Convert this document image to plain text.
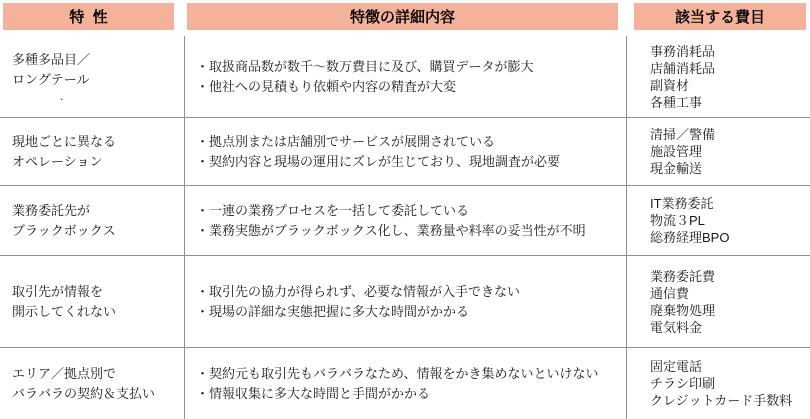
特  性	特徴の詳細内容	該当する費目
多種多品目／
ロングテール
.
・取扱商品数が数千～数万費目に及び、購買データが膨大
・他社への見積もり依頼や内容の精査が大変
事務消耗品
店舗消耗品
副資材
各種工事
現地ごとに異なる
オペレーション
・拠点別または店舗別でサービスが展開されている
・契約内容と現場の運用にズレが生じており、現地調査が必要
清掃／警備
施設管理
現金輸送
業務委託先が
ブラックボックス
・一連の業務プロセスを一括して委託している
・業務実態がブラックボックス化し、業務量や料率の妥当性が不明
IT業務委託
物流３PL
総務経理BPO
取引先が情報を
開示してくれない
・取引先の協力が得られず、必要な情報が入手できない
・現場の詳細な実態把握に多大な時間がかかる
業務委託費
通信費
廃棄物処理
電気料金
エリア／拠点別で
バラバラの契約＆支払い
・契約元も取引先もバラバラなため、情報をかき集めないといけない
・情報収集に多大な時間と手間がかかる
固定電話
チラシ印刷
クレジットカード手数料
